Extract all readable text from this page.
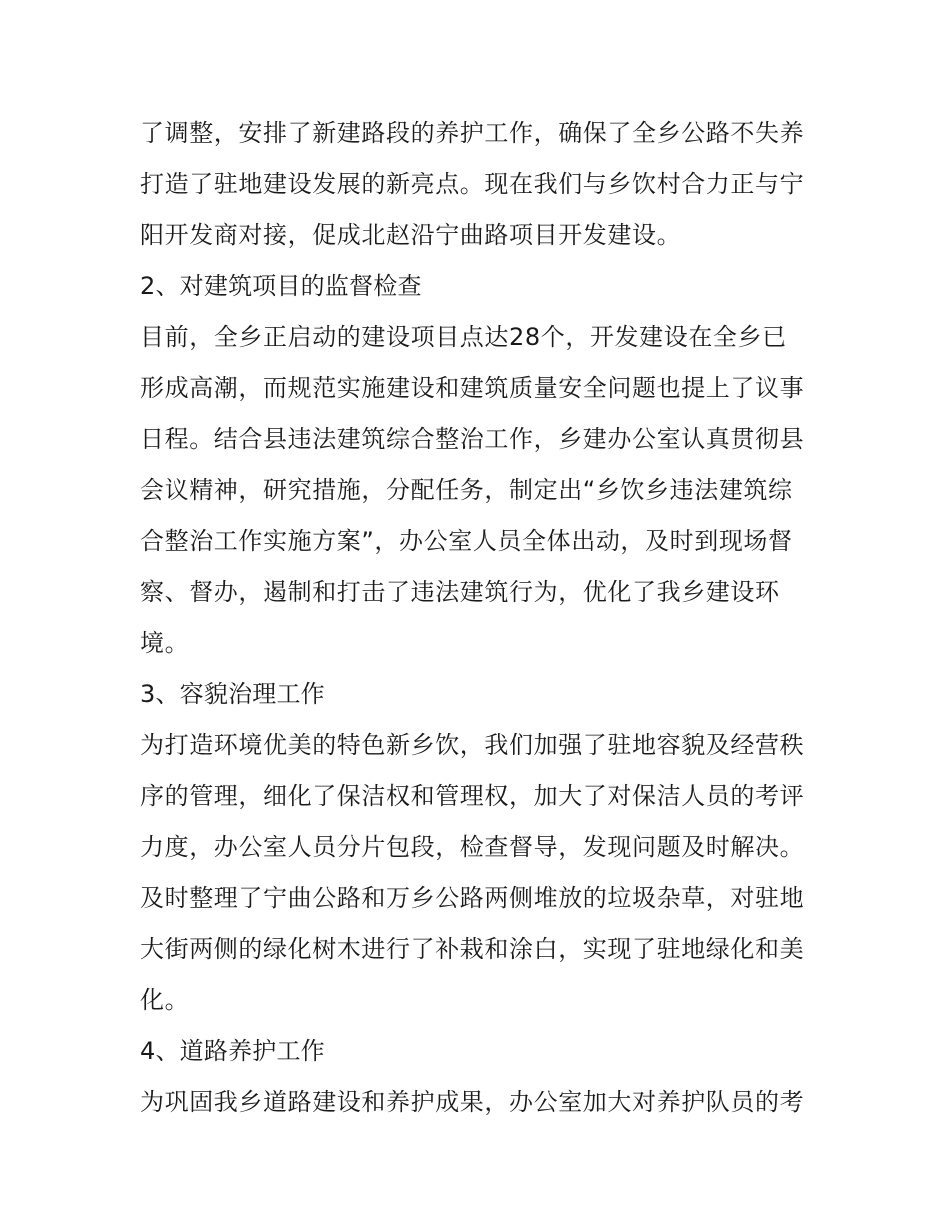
了调整，安排了新建路段的养护工作，确保了全乡公路不失养
打造了驻地建设发展的新亮点。现在我们与乡饮村合力正与宁
阳开发商对接，促成北赵沿宁曲路项目开发建设。
2、对建筑项目的监督检查
目前，全乡正启动的建设项目点达28个，开发建设在全乡已
形成高潮，而规范实施建设和建筑质量安全问题也提上了议事
日程。结合县违法建筑综合整治工作，乡建办公室认真贯彻县
会议精神，研究措施，分配任务，制定出“乡饮乡违法建筑综
合整治工作实施方案”，办公室人员全体出动，及时到现场督
察、督办，遏制和打击了违法建筑行为，优化了我乡建设环
境。
3、容貌治理工作
为打造环境优美的特色新乡饮，我们加强了驻地容貌及经营秩
序的管理，细化了保洁权和管理权，加大了对保洁人员的考评
力度，办公室人员分片包段，检查督导，发现问题及时解决。
及时整理了宁曲公路和万乡公路两侧堆放的垃圾杂草，对驻地
大街两侧的绿化树木进行了补栽和涂白，实现了驻地绿化和美
化。
4、道路养护工作
为巩固我乡道路建设和养护成果，办公室加大对养护队员的考
